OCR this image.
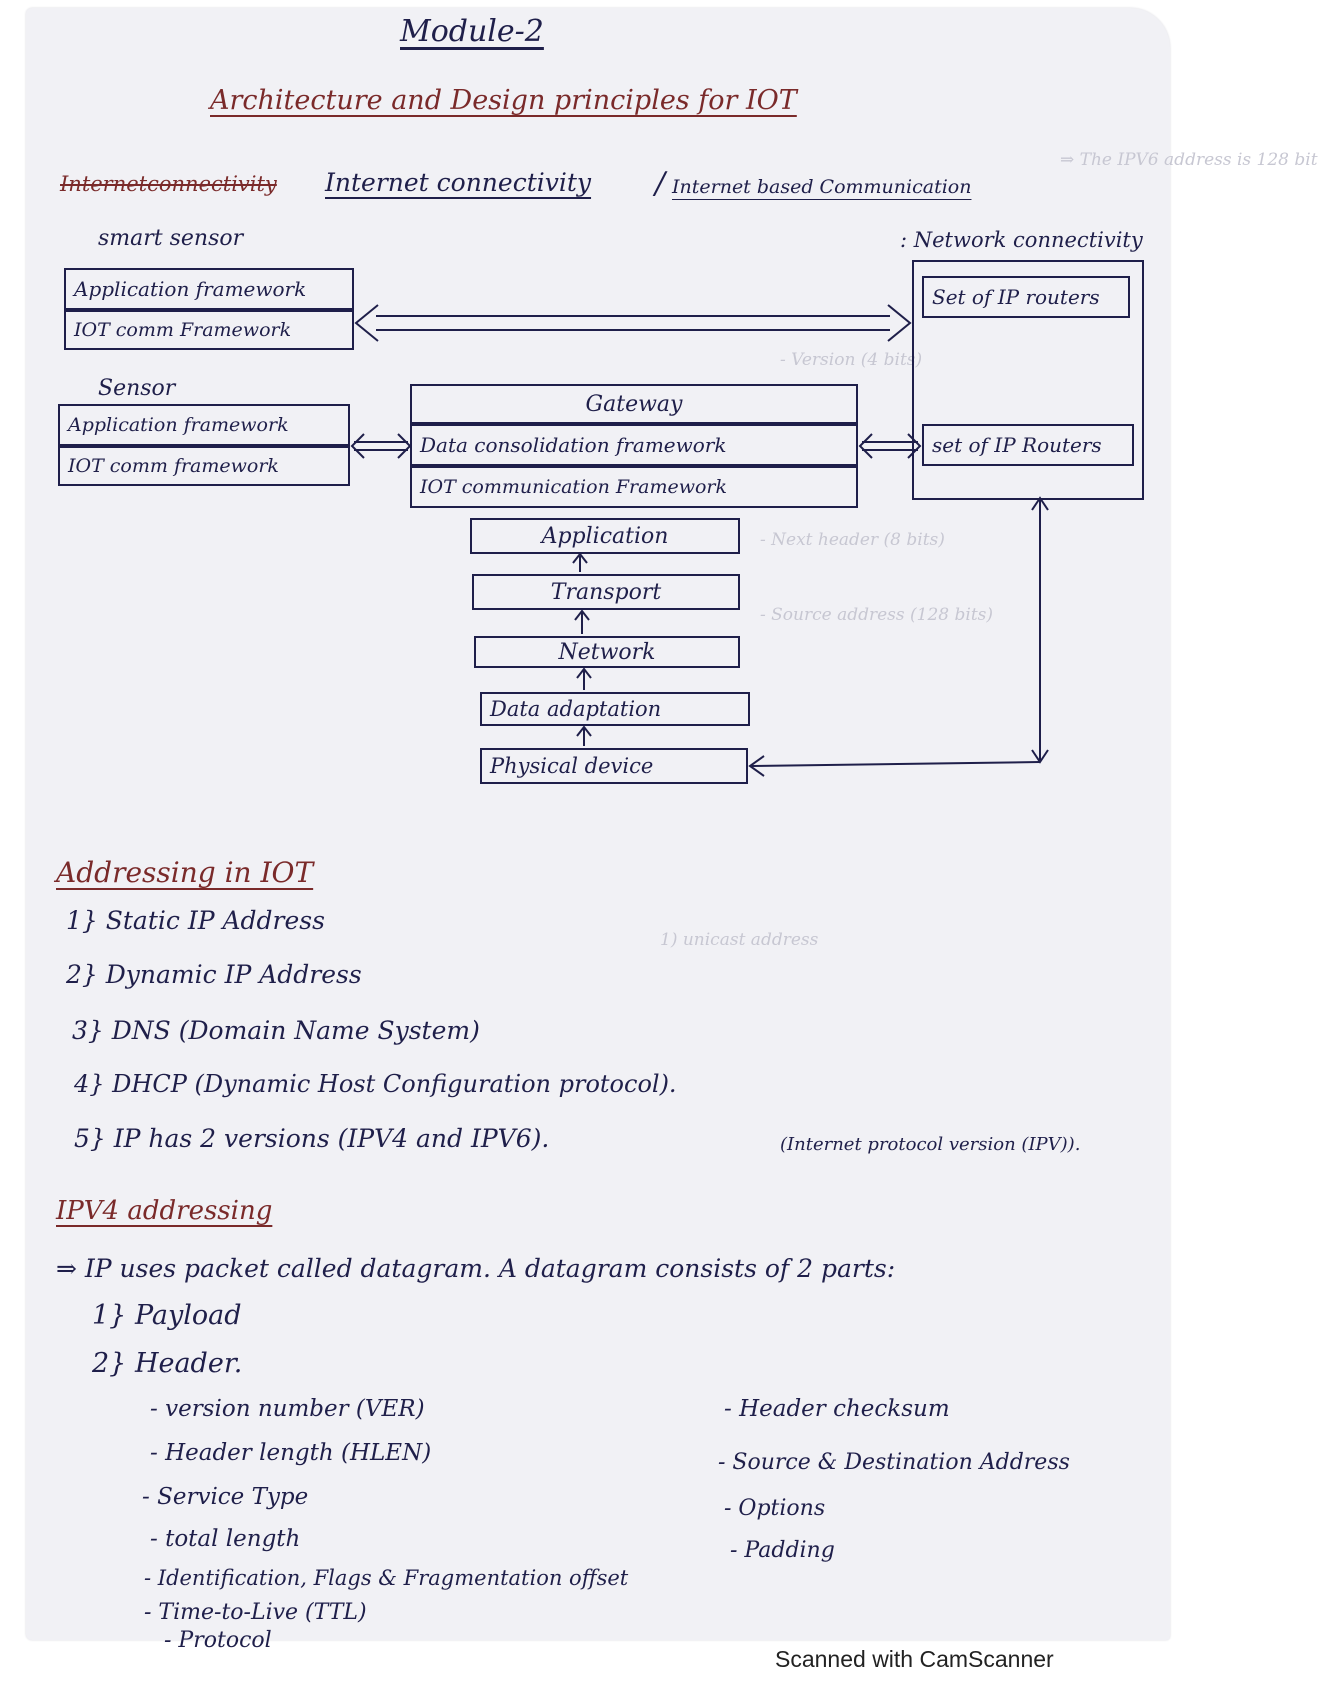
⇒ The IPV6 address is 128 bit
- Version (4 bits)
- Next header (8 bits)
- Source address (128 bits)
1) unicast address
Module-2
Architecture and Design principles for IOT
Internetconnectivity Internet connectivity / Internet based Communication
smart sensor
Application framework
IOT comm Framework
: Network connectivity
Set of IP routers
set of IP Routers
Sensor
Application framework
IOT comm framework
Gateway
Data consolidation framework
IOT communication Framework
Application
Transport
Network
Data adaptation
Physical device
Addressing in IOT
1} Static IP Address
2} Dynamic IP Address
3} DNS (Domain Name System)
4} DHCP (Dynamic Host Configuration protocol).
5} IP has 2 versions (IPV4 and IPV6).	(Internet protocol version (IPV)).
IPV4 addressing
⇒ IP uses packet called datagram. A datagram consists of 2 parts:
1} Payload
2} Header.
- version number (VER)
- Header length (HLEN)
- Service Type
- total length
- Identification, Flags & Fragmentation offset
- Time-to-Live (TTL)
- Protocol
- Header checksum
- Source & Destination Address
- Options
- Padding
Scanned with CamScanner
